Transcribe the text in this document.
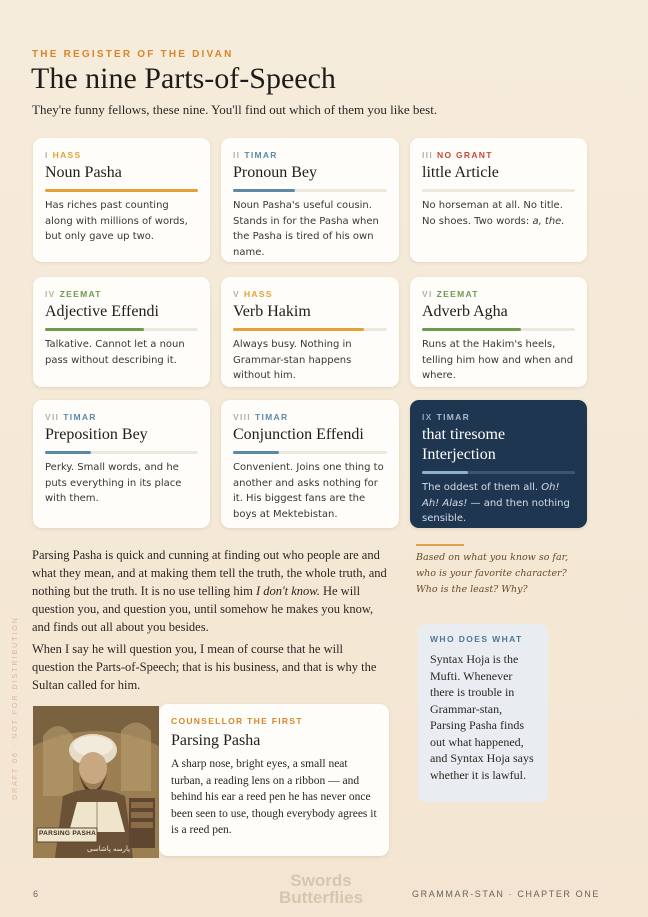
THE REGISTER OF THE DIVAN
The nine Parts-of-Speech
They're funny fellows, these nine. You'll find out which of them you like best.
I HASS
Noun Pasha
Has riches past counting along with millions of words, but only gave up two.
II TIMAR
Pronoun Bey
Noun Pasha's useful cousin. Stands in for the Pasha when the Pasha is tired of his own name.
III NO GRANT
little Article
No horseman at all. No title. No shoes. Two words: a, the.
IV ZEEMAT
Adjective Effendi
Talkative. Cannot let a noun pass without describing it.
V HASS
Verb Hakim
Always busy. Nothing in Grammar-stan happens without him.
VI ZEEMAT
Adverb Agha
Runs at the Hakim's heels, telling him how and when and where.
VII TIMAR
Preposition Bey
Perky. Small words, and he puts everything in its place with them.
VIII TIMAR
Conjunction Effendi
Convenient. Joins one thing to another and asks nothing for it. His biggest fans are the boys at Mektebistan.
IX TIMAR
that tiresome Interjection
The oddest of them all. Oh! Ah! Alas! — and then nothing sensible.
Parsing Pasha is quick and cunning at finding out who people are and what they mean, and at making them tell the truth, the whole truth, and nothing but the truth. It is no use telling him I don't know. He will question you, and question you, until somehow he makes you know, and finds out all about you besides.
When I say he will question you, I mean of course that he will question the Parts-of-Speech; that is his business, and that is why the Sultan called for him.
Based on what you know so far,
who is your favorite character?
Who is the least? Why?
WHO DOES WHAT
Syntax Hoja is the Mufti. Whenever there is trouble in Grammar-stan, Parsing Pasha finds out what happened, and Syntax Hoja says whether it is lawful.
PARSING PASHA
پارسه پاشاسی
COUNSELLOR THE FIRST
Parsing Pasha
A sharp nose, bright eyes, a small neat turban, a reading lens on a ribbon — and behind his ear a reed pen he has never once been seen to use, though everybody agrees it is a reed pen.
DRAFT 06 · NOT FOR DISTRIBUTION
6
Swords
Butterflies	GRAMMAR-STAN · CHAPTER ONE
